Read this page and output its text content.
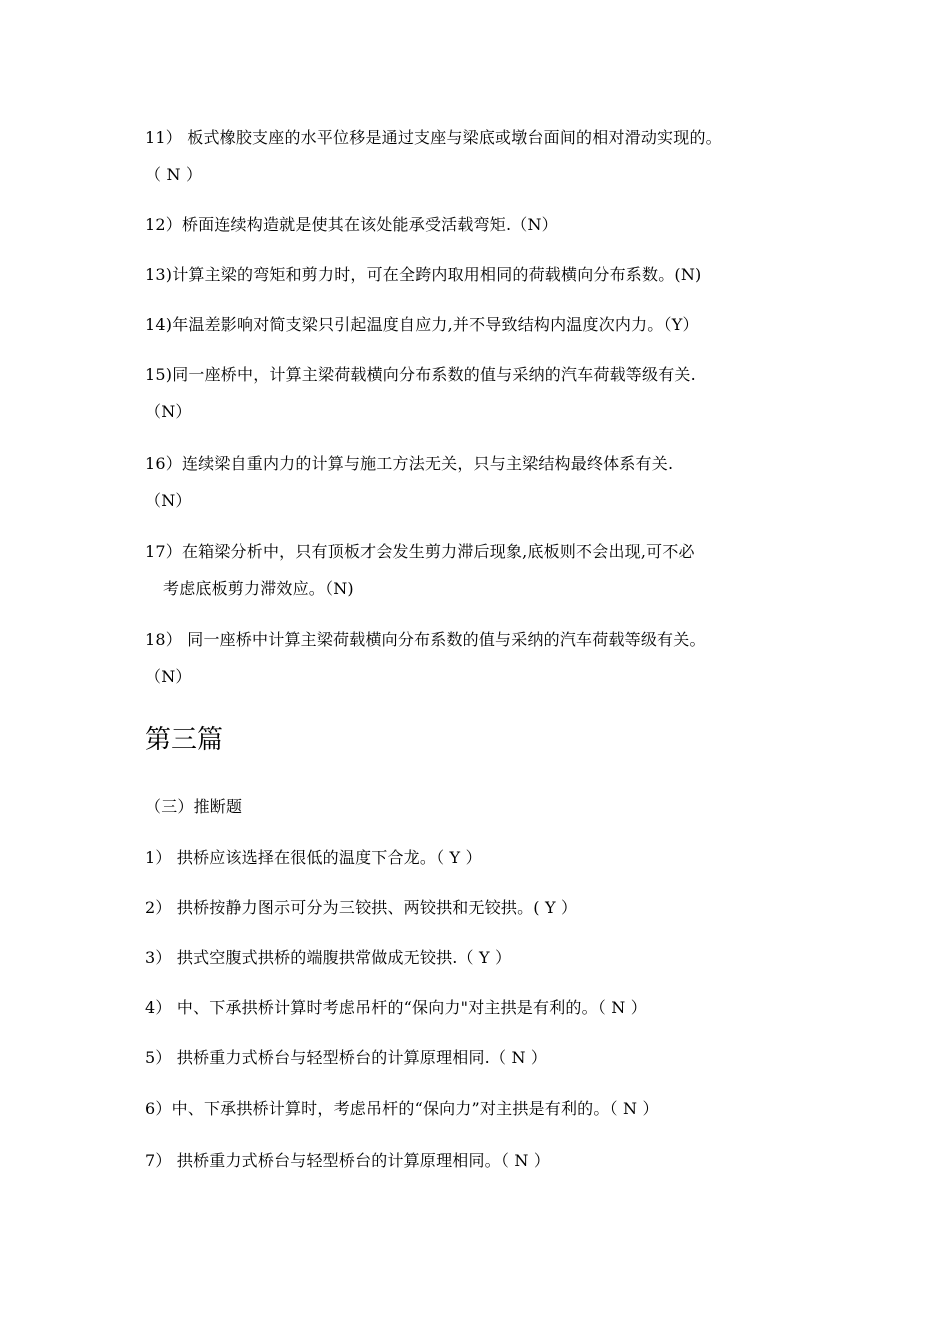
11） 板式橡胶支座的水平位移是通过支座与梁底或墩台面间的相对滑动实现的。
（ N ）
12）桥面连续构造就是使其在该处能承受活载弯矩.（N）
13)计算主梁的弯矩和剪力时，可在全跨内取用相同的荷载横向分布系数。(N)
14)年温差影响对简支梁只引起温度自应力,并不导致结构内温度次内力。（Y）
15)同一座桥中，计算主梁荷载横向分布系数的值与采纳的汽车荷载等级有关.
（N）
16）连续梁自重内力的计算与施工方法无关，只与主梁结构最终体系有关.
（N）
17）在箱梁分析中，只有顶板才会发生剪力滞后现象,底板则不会出现,可不必
考虑底板剪力滞效应。（N)
18） 同一座桥中计算主梁荷载横向分布系数的值与采纳的汽车荷载等级有关。
（N）
第三篇
（三）推断题
1） 拱桥应该选择在很低的温度下合龙。（ Y ）
2） 拱桥按静力图示可分为三铰拱、两铰拱和无铰拱。( Y ）
3） 拱式空腹式拱桥的端腹拱常做成无铰拱.（ Y ）
4） 中、下承拱桥计算时考虑吊杆的“保向力"对主拱是有利的。（ N ）
5） 拱桥重力式桥台与轻型桥台的计算原理相同.（ N ）
6）中、下承拱桥计算时，考虑吊杆的“保向力”对主拱是有利的。（ N ）
7） 拱桥重力式桥台与轻型桥台的计算原理相同。（ N ）
